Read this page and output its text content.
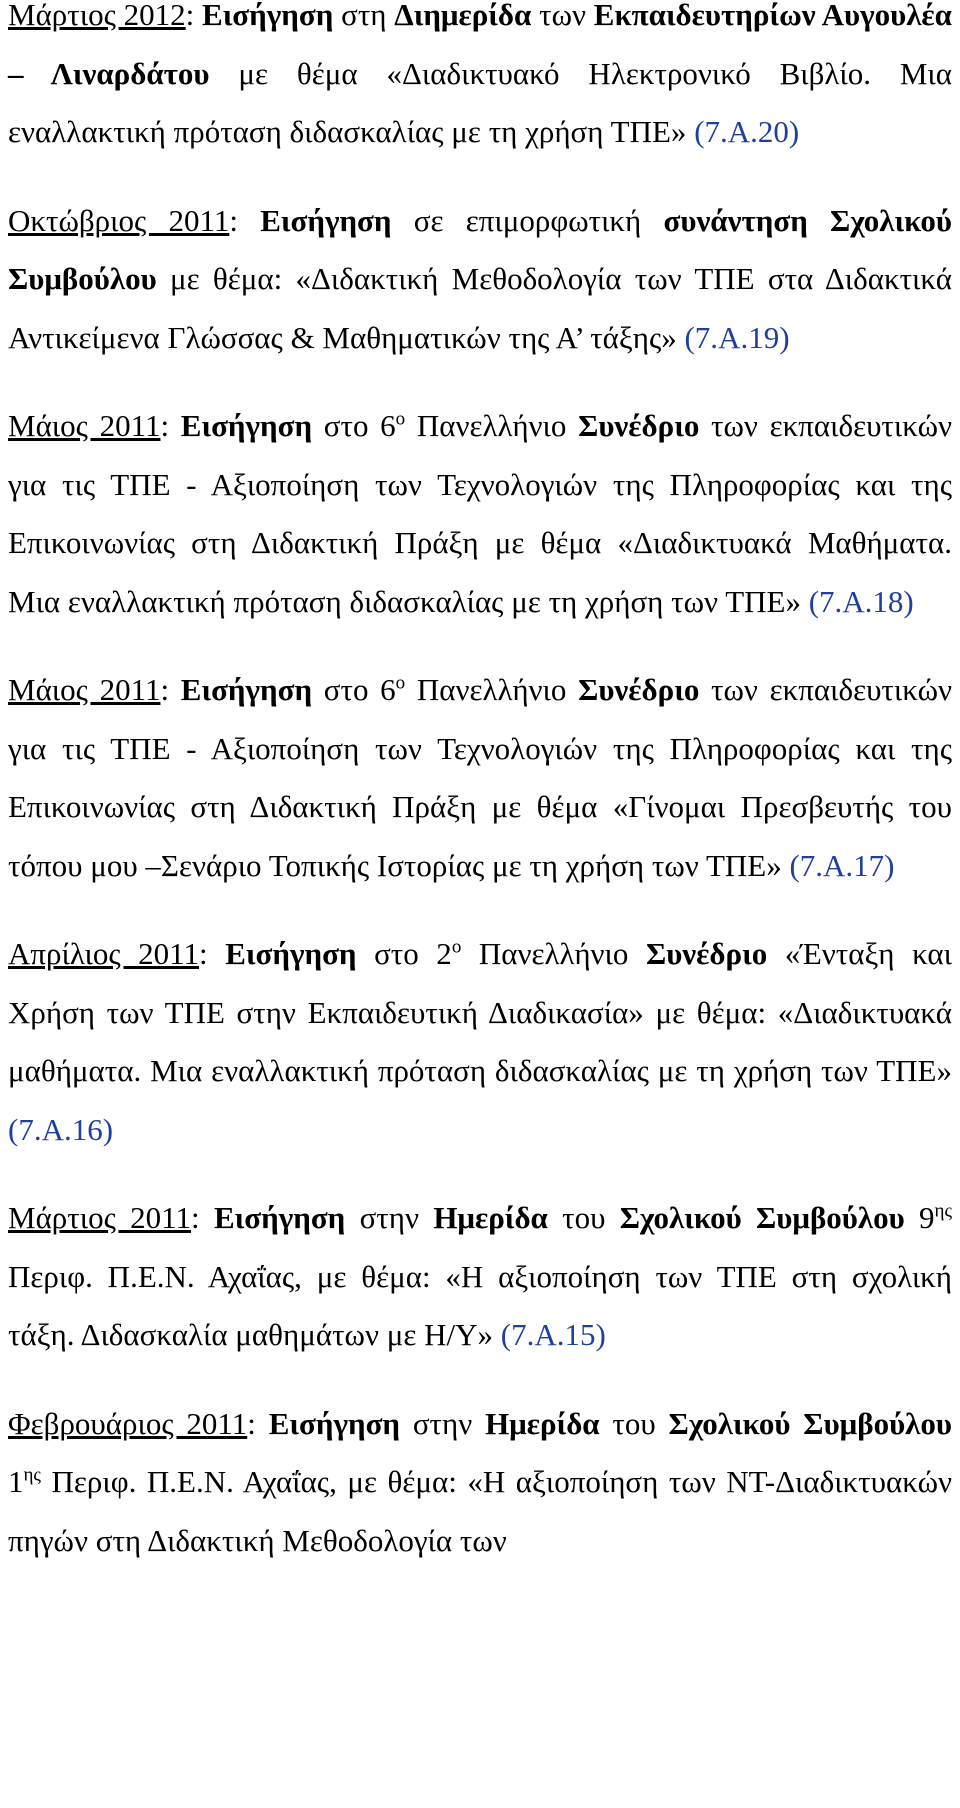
Μάρτιος 2012: Εισήγηση στη Διημερίδα των Εκπαιδευτηρίων Αυγουλέα – Λιναρδάτου με θέμα «Διαδικτυακό Ηλεκτρονικό Βιβλίο. Μια εναλλακτική πρόταση διδασκαλίας με τη χρήση ΤΠΕ» (7.Α.20)

Οκτώβριος 2011: Εισήγηση σε επιμορφωτική συνάντηση Σχολικού Συμβούλου με θέμα: «Διδακτική Μεθοδολογία των ΤΠΕ στα Διδακτικά Αντικείμενα Γλώσσας & Μαθηματικών της Α’ τάξης» (7.Α.19)

Μάιος 2011: Εισήγηση στο $6^o$ Πανελλήνιο Συνέδριο των εκπαιδευτικών για τις ΤΠΕ - Αξιοποίηση των Τεχνολογιών της Πληροφορίας και της Επικοινωνίας στη Διδακτική Πράξη με θέμα «Διαδικτυακά Μαθήματα. Μια εναλλακτική πρόταση διδασκαλίας με τη χρήση των ΤΠΕ» (7.Α.18)

Μάιος 2011: Εισήγηση στο $6^o$ Πανελλήνιο Συνέδριο των εκπαιδευτικών για τις ΤΠΕ - Αξιοποίηση των Τεχνολογιών της Πληροφορίας και της Επικοινωνίας στη Διδακτική Πράξη με θέμα «Γίνομαι Πρεσβευτής του τόπου μου –Σενάριο Τοπικής Ιστορίας με τη χρήση των ΤΠΕ» (7.Α.17)

Απρίλιος 2011: Εισήγηση στο $2^o$ Πανελλήνιο Συνέδριο «Ένταξη και Χρήση των ΤΠΕ στην Εκπαιδευτική Διαδικασία» με θέμα: «Διαδικτυακά μαθήματα. Μια εναλλακτική πρόταση διδασκαλίας με τη χρήση των ΤΠΕ» (7.Α.16)

Μάρτιος 2011: Εισήγηση στην Ημερίδα του Σχολικού Συμβούλου $9^{\eta\varsigma}$ Περιφ. Π.Ε.Ν. Αχαΐας, με θέμα: «Η αξιοποίηση των ΤΠΕ στη σχολική τάξη. Διδασκαλία μαθημάτων με Η/Υ» (7.Α.15)

Φεβρουάριος 2011: Εισήγηση στην Ημερίδα του Σχολικού Συμβούλου $1^{\eta\varsigma}$ Περιφ. Π.Ε.Ν. Αχαΐας, με θέμα: «Η αξιοποίηση των ΝΤ-Διαδικτυακών πηγών στη Διδακτική Μεθοδολογία των
